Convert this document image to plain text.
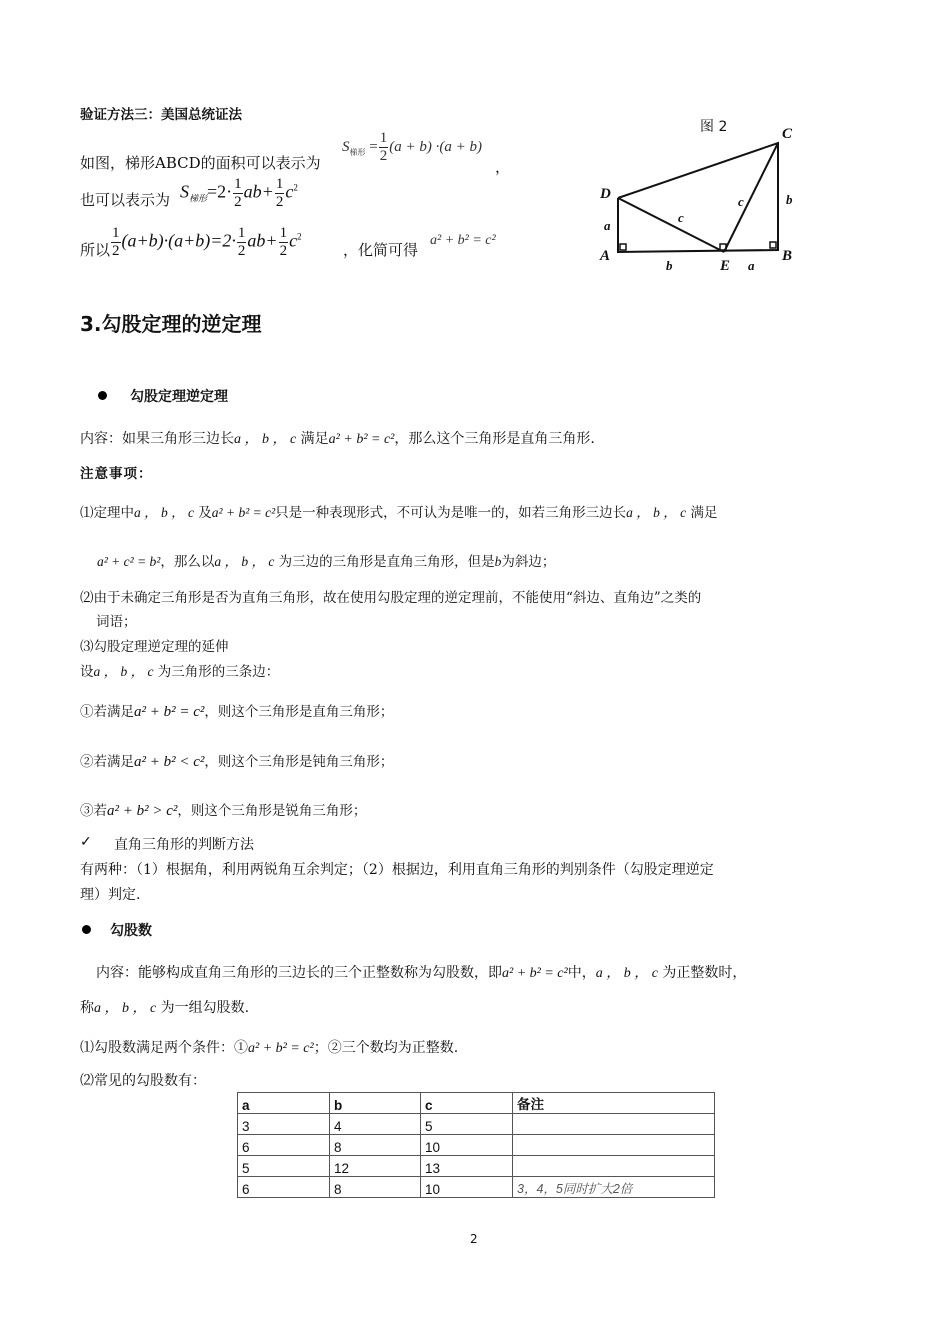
验证方法三：美国总统证法
如图，梯形ABCD的面积可以表示为
$S_{梯形} = \frac{1}{2} (a + b) \cdot(a + b)$
，
也可以表示为 $S_{梯形}=2\cdot \frac{1}{2} ab+ \frac{1}{2} c^2$
所以 $\frac{1}{2} (a+b)\cdot(a+b)=2\cdot \frac{1}{2} ab+ \frac{1}{2} c^2$
，化简可得
a² + b² = c²
图 2
D
A	B
C
E
a
b	a
b
c
c
3.勾股定理的逆定理
勾股定理逆定理
内容：如果三角形三边长a ， b ， c 满足a² + b² = c²，那么这个三角形是直角三角形.
注意事项：
⑴定理中a ， b ， c 及a² + b² = c²只是一种表现形式，不可认为是唯一的，如若三角形三边长a ， b ， c 满足
a² + c² = b²，那么以a ， b ， c 为三边的三角形是直角三角形，但是b为斜边；
⑵由于未确定三角形是否为直角三角形，故在使用勾股定理的逆定理前，不能使用“斜边、直角边”之类的
词语；
⑶勾股定理逆定理的延伸
设a ， b ， c 为三角形的三条边：
①若满足a² + b² = c²，则这个三角形是直角三角形；
②若满足a² + b² < c²，则这个三角形是钝角三角形；
③若a² + b² > c²，则这个三角形是锐角三角形；
✓ 直角三角形的判断方法
有两种：（1）根据角，利用两锐角互余判定；（2）根据边，利用直角三角形的判别条件（勾股定理逆定
理）判定.
勾股数
内容：能够构成直角三角形的三边长的三个正整数称为勾股数，即a² + b² = c²中，a ， b ， c 为正整数时，
称a ， b ， c 为一组勾股数.
⑴勾股数满足两个条件：①a² + b² = c²；②三个数均为正整数.
⑵常见的勾股数有：
a	b	c	备注
3	4	5	
6	8	10	
5	12	13	
6	8	10	3，4，5同时扩大2倍
2
